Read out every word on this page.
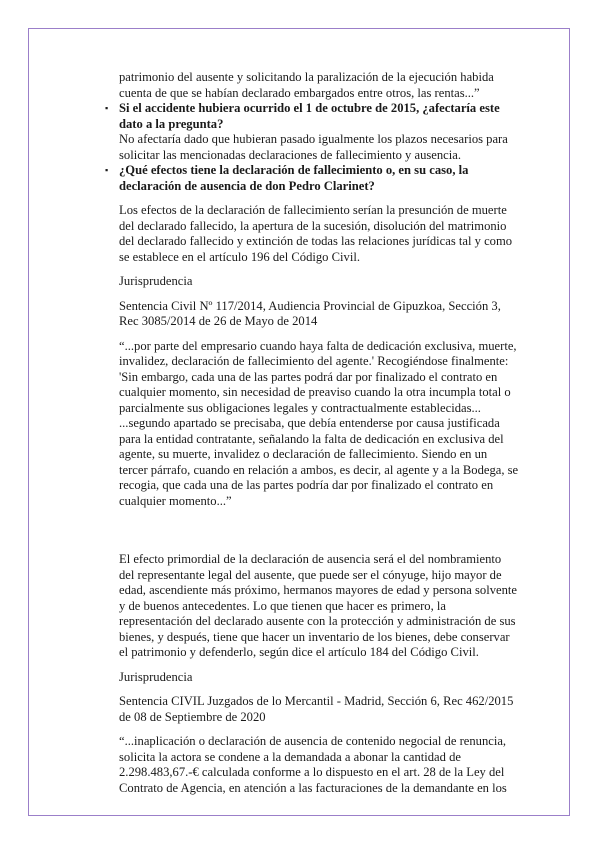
patrimonio del ausente y solicitando la paralización de la ejecución habida cuenta de que se habían declarado embargados entre otros, las rentas...”

▪ Si el accidente hubiera ocurrido el 1 de octubre de 2015, ¿afectaría este dato a la pregunta?

No afectaría dado que hubieran pasado igualmente los plazos necesarios para solicitar las mencionadas declaraciones de fallecimiento y ausencia.

▪ ¿Qué efectos tiene la declaración de fallecimiento o, en su caso, la declaración de ausencia de don Pedro Clarinet?

Los efectos de la declaración de fallecimiento serían la presunción de muerte del declarado fallecido, la apertura de la sucesión, disolución del matrimonio del declarado fallecido y extinción de todas las relaciones jurídicas tal y como se establece en el artículo 196 del Código Civil.

Jurisprudencia

Sentencia Civil Nº 117/2014, Audiencia Provincial de Gipuzkoa, Sección 3, Rec 3085/2014 de 26 de Mayo de 2014

“...por parte del empresario cuando haya falta de dedicación exclusiva, muerte, invalidez, declaración de fallecimiento del agente.' Recogiéndose finalmente: 'Sin embargo, cada una de las partes podrá dar por finalizado el contrato en cualquier momento, sin necesidad de preaviso cuando la otra incumpla total o parcialmente sus obligaciones legales y contractualmente establecidas... ...segundo apartado se precisaba, que debía entenderse por causa justificada para la entidad contratante, señalando la falta de dedicación en exclusiva del agente, su muerte, invalidez o declaración de fallecimiento. Siendo en un tercer párrafo, cuando en relación a ambos, es decir, al agente y a la Bodega, se recogia, que cada una de las partes podría dar por finalizado el contrato en cualquier momento...”

El efecto primordial de la declaración de ausencia será el del nombramiento del representante legal del ausente, que puede ser el cónyuge, hijo mayor de edad, ascendiente más próximo, hermanos mayores de edad y persona solvente y de buenos antecedentes. Lo que tienen que hacer es primero, la representación del declarado ausente con la protección y administración de sus bienes, y después, tiene que hacer un inventario de los bienes, debe conservar el patrimonio y defenderlo, según dice el artículo 184 del Código Civil.

Jurisprudencia

Sentencia CIVIL Juzgados de lo Mercantil - Madrid, Sección 6, Rec 462/2015 de 08 de Septiembre de 2020

“...inaplicación o declaración de ausencia de contenido negocial de renuncia, solicita la actora se condene a la demandada a abonar la cantidad de 2.298.483,67.-€ calculada conforme a lo dispuesto en el art. 28 de la Ley del Contrato de Agencia, en atención a las facturaciones de la demandante en los
